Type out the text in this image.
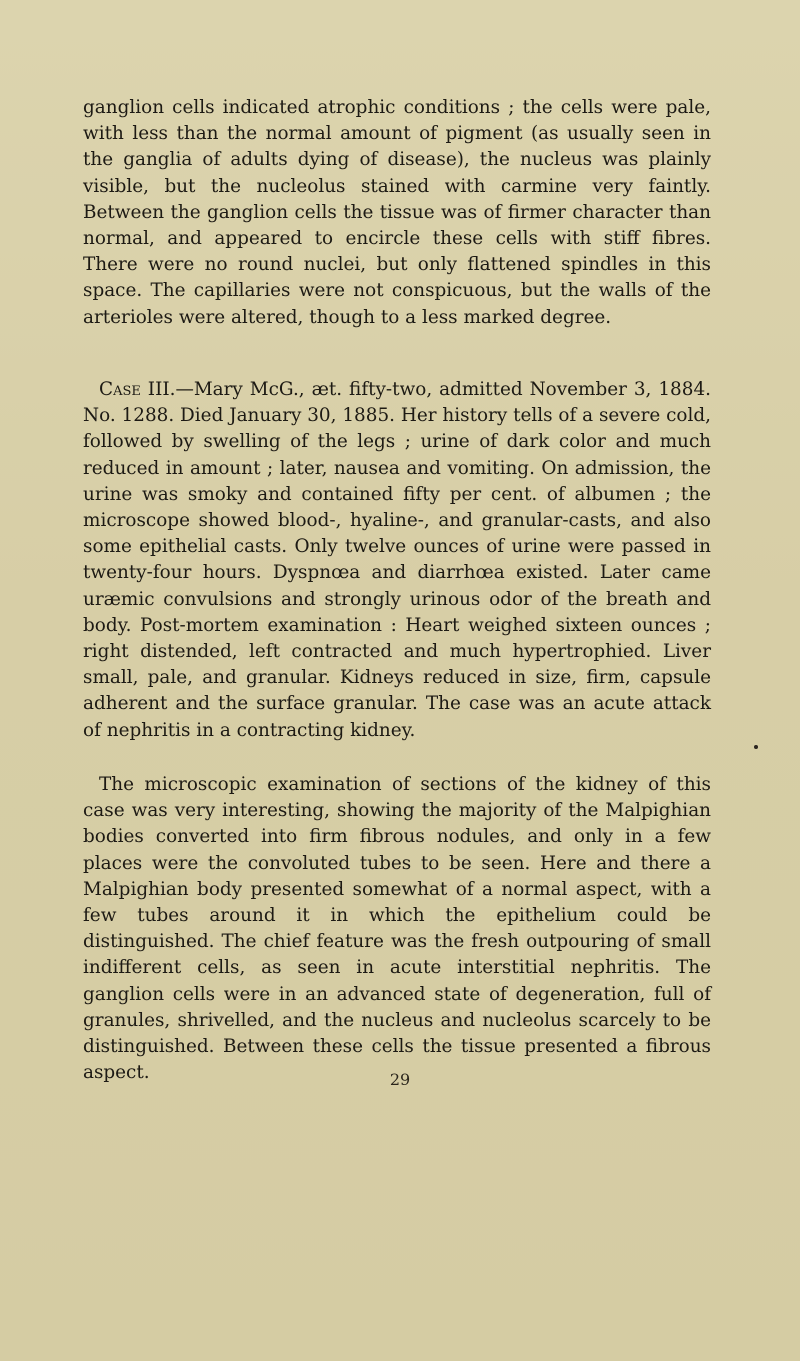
ganglion cells indicated atrophic conditions ; the cells were pale, with less than the normal amount of pigment (as usually seen in the ganglia of adults dying of disease), the nucleus was plainly visible, but the nucleolus stained with carmine very faintly. Between the ganglion cells the tissue was of firmer character than normal, and appeared to encircle these cells with stiff fibres. There were no round nuclei, but only flattened spindles in this space. The capillaries were not conspicuous, but the walls of the arterioles were altered, though to a less marked degree.

Case III.—Mary McG., æt. fifty-two, admitted November 3, 1884. No. 1288. Died January 30, 1885. Her history tells of a severe cold, followed by swelling of the legs ; urine of dark color and much reduced in amount ; later, nausea and vomiting. On admission, the urine was smoky and contained fifty per cent. of albumen ; the microscope showed blood-, hyaline-, and granular-casts, and also some epithelial casts. Only twelve ounces of urine were passed in twenty-four hours. Dyspnœa and diarrhœa existed. Later came uræmic convulsions and strongly urinous odor of the breath and body. Post-mortem examination : Heart weighed sixteen ounces ; right distended, left contracted and much hypertrophied. Liver small, pale, and granular. Kidneys reduced in size, firm, capsule adherent and the surface granular. The case was an acute attack of nephritis in a contracting kidney.

The microscopic examination of sections of the kidney of this case was very interesting, showing the majority of the Malpighian bodies converted into firm fibrous nodules, and only in a few places were the convoluted tubes to be seen. Here and there a Malpighian body presented somewhat of a normal aspect, with a few tubes around it in which the epithelium could be distinguished. The chief feature was the fresh outpouring of small indifferent cells, as seen in acute interstitial nephritis. The ganglion cells were in an advanced state of degeneration, full of granules, shrivelled, and the nucleus and nucleolus scarcely to be distinguished. Between these cells the tissue presented a fibrous aspect.	29
